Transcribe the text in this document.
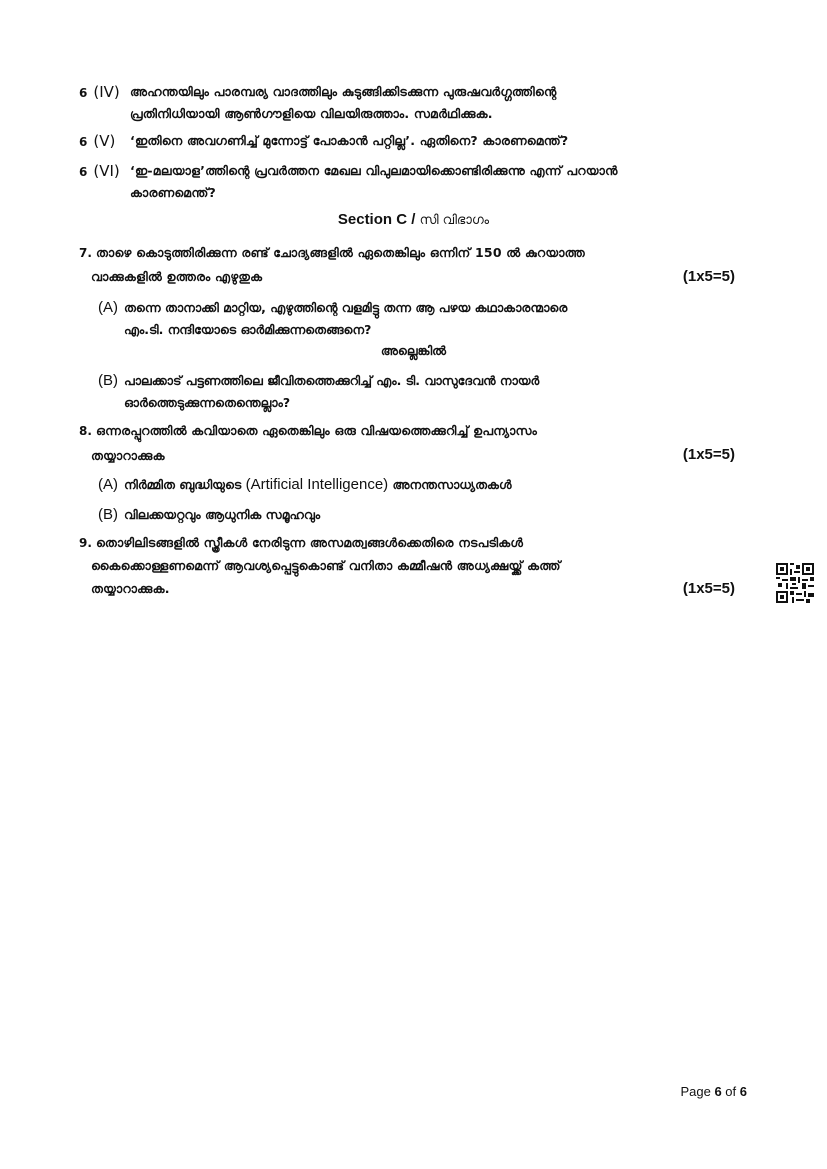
6 (IV) അഹന്തയിലും പാരമ്പര്യ വാദത്തിലും കുടുങ്ങിക്കിടക്കുന്ന പുരുഷവർഗ്ഗത്തിന്റെ
പ്രതിനിധിയായി ആൺഗൗളിയെ വിലയിരുത്താം. സമർഥിക്കുക.
6 (V)	‘ഇതിനെ അവഗണിച്ച് മുന്നോട്ട് പോകാൻ പറ്റില്ല’. ഏതിനെ? കാരണമെന്ത്?
6 (VI) ‘ഇ-മലയാള’ത്തിന്റെ പ്രവർത്തന മേഖല വിപുലമായിക്കൊണ്ടിരിക്കുന്നു എന്ന് പറയാൻ
കാരണമെന്ത്?
Section C / സി വിഭാഗം
7. താഴെ കൊടുത്തിരിക്കുന്ന രണ്ട് ചോദ്യങ്ങളിൽ ഏതെങ്കിലും ഒന്നിന് 150 ൽ കുറയാത്ത
വാക്കുകളിൽ ഉത്തരം എഴുതുക	(1x5=5)
(A) തന്നെ താനാക്കി മാറ്റിയ, എഴുത്തിന്റെ വളമിട്ടു തന്ന ആ പഴയ കഥാകാരന്മാരെ
എം.ടി. നന്ദിയോടെ ഓർമിക്കുന്നതെങ്ങനെ?
അല്ലെങ്കിൽ
(B) പാലക്കാട് പട്ടണത്തിലെ ജീവിതത്തെക്കുറിച്ച് എം. ടി. വാസുദേവൻ നായർ
ഓർത്തെടുക്കുന്നതെന്തെല്ലാം?
8. ഒന്നരപ്പുറത്തിൽ കവിയാതെ ഏതെങ്കിലും ഒരു വിഷയത്തെക്കുറിച്ച് ഉപന്യാസം
തയ്യാറാക്കുക	(1x5=5)
(A) നിർമ്മിത ബുദ്ധിയുടെ (Artificial Intelligence) അനന്തസാധ്യതകൾ
(B) വിലക്കയറ്റവും ആധുനിക സമൂഹവും
9. തൊഴിലിടങ്ങളിൽ സ്ത്രീകൾ നേരിടുന്ന അസമത്വങ്ങൾക്കെതിരെ നടപടികൾ
കൈക്കൊള്ളണമെന്ന് ആവശ്യപ്പെട്ടുകൊണ്ട് വനിതാ കമ്മീഷൻ അധ്യക്ഷയ്ക്ക് കത്ത്
തയ്യാറാക്കുക.	(1x5=5)
Page 6 of 6
